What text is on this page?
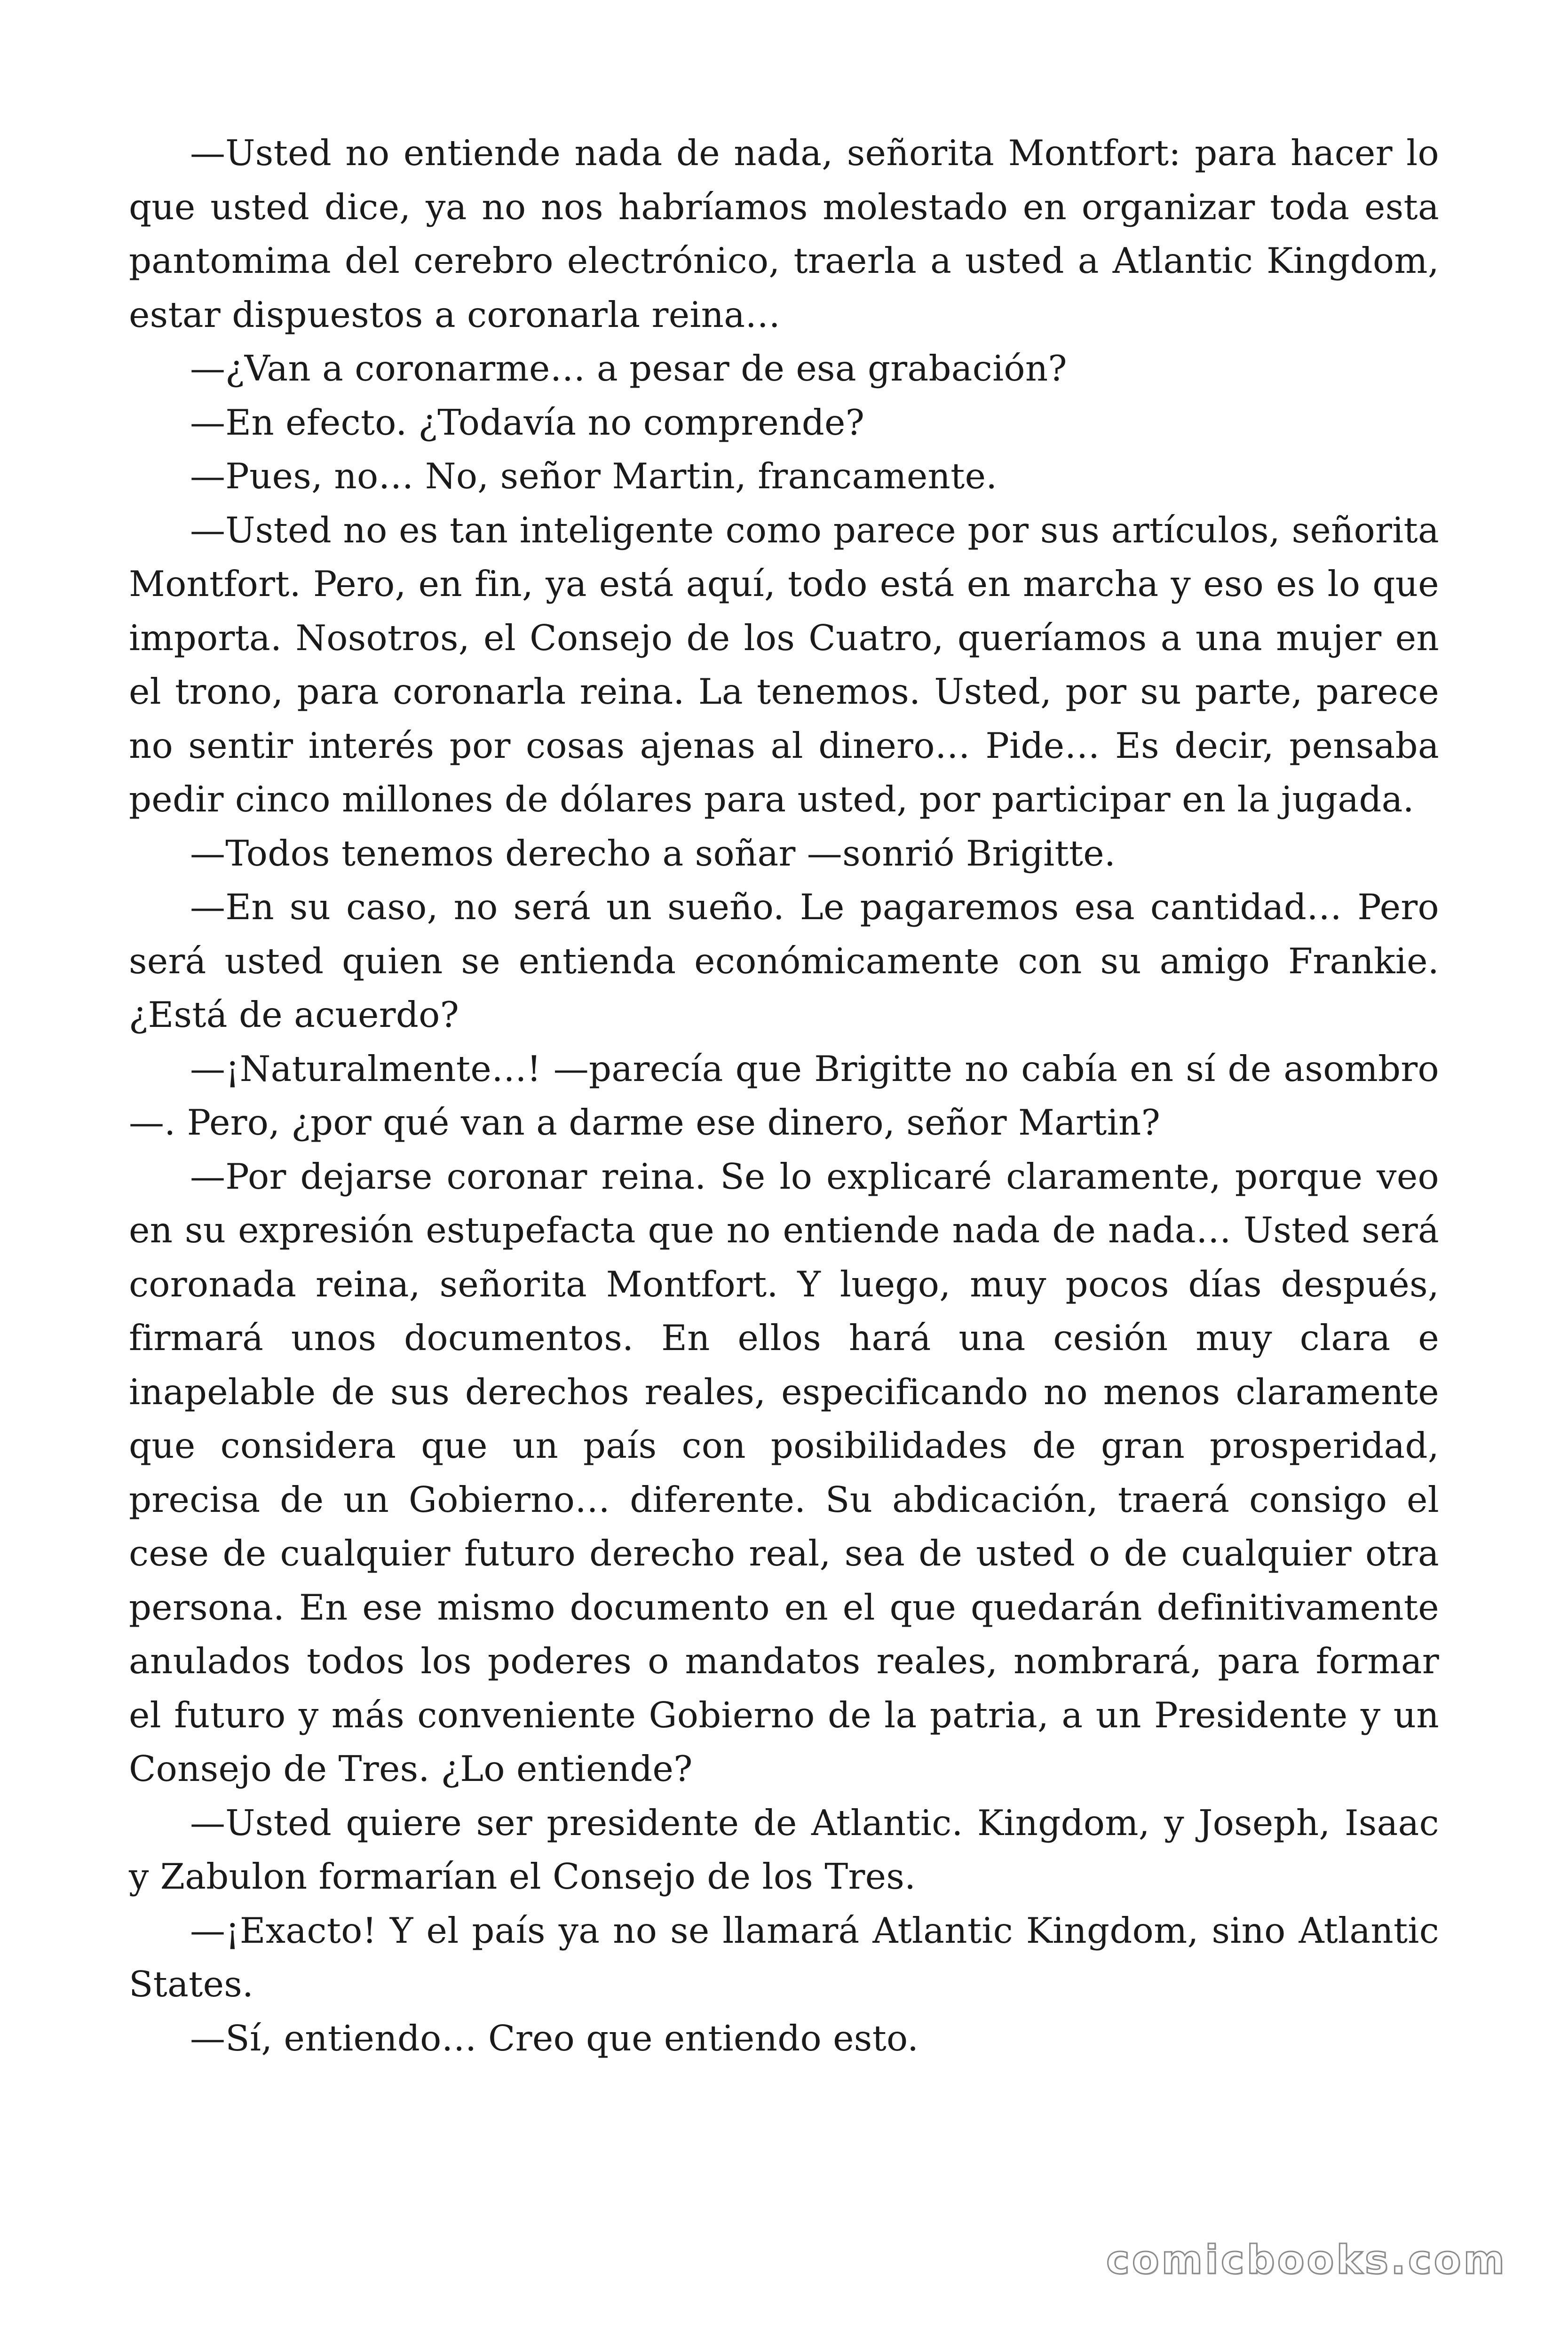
—Usted no entiende nada de nada, señorita Montfort: para hacer lo que usted dice, ya no nos habríamos molestado en organizar toda esta pantomima del cerebro electrónico, traerla a usted a Atlantic Kingdom, estar dispuestos a coronarla reina…

—¿Van a coronarme… a pesar de esa grabación?

—En efecto. ¿Todavía no comprende?

—Pues, no… No, señor Martin, francamente.

—Usted no es tan inteligente como parece por sus artículos, señorita Montfort. Pero, en fin, ya está aquí, todo está en marcha y eso es lo que importa. Nosotros, el Consejo de los Cuatro, queríamos a una mujer en el trono, para coronarla reina. La tenemos. Usted, por su parte, parece no sentir interés por cosas ajenas al dinero… Pide… Es decir, pensaba pedir cinco millones de dólares para usted, por participar en la jugada.

—Todos tenemos derecho a soñar —sonrió Brigitte.

—En su caso, no será un sueño. Le pagaremos esa cantidad… Pero será usted quien se entienda económicamente con su amigo Frankie. ¿Está de acuerdo?

—¡Naturalmente…! —parecía que Brigitte no cabía en sí de asombro—. Pero, ¿por qué van a darme ese dinero, señor Martin?

—Por dejarse coronar reina. Se lo explicaré claramente, porque veo en su expresión estupefacta que no entiende nada de nada… Usted será coronada reina, señorita Montfort. Y luego, muy pocos días después, firmará unos documentos. En ellos hará una cesión muy clara e inapelable de sus derechos reales, especificando no menos claramente que considera que un país con posibilidades de gran prosperidad, precisa de un Gobierno… diferente. Su abdicación, traerá consigo el cese de cualquier futuro derecho real, sea de usted o de cualquier otra persona. En ese mismo documento en el que quedarán definitivamente anulados todos los poderes o mandatos reales, nombrará, para formar el futuro y más conveniente Gobierno de la patria, a un Presidente y un Consejo de Tres. ¿Lo entiende?

—Usted quiere ser presidente de Atlantic. Kingdom, y Joseph, Isaac y Zabulon formarían el Consejo de los Tres.

—¡Exacto! Y el país ya no se llamará Atlantic Kingdom, sino Atlantic States.

—Sí, entiendo… Creo que entiendo esto.

comicbooks.com
